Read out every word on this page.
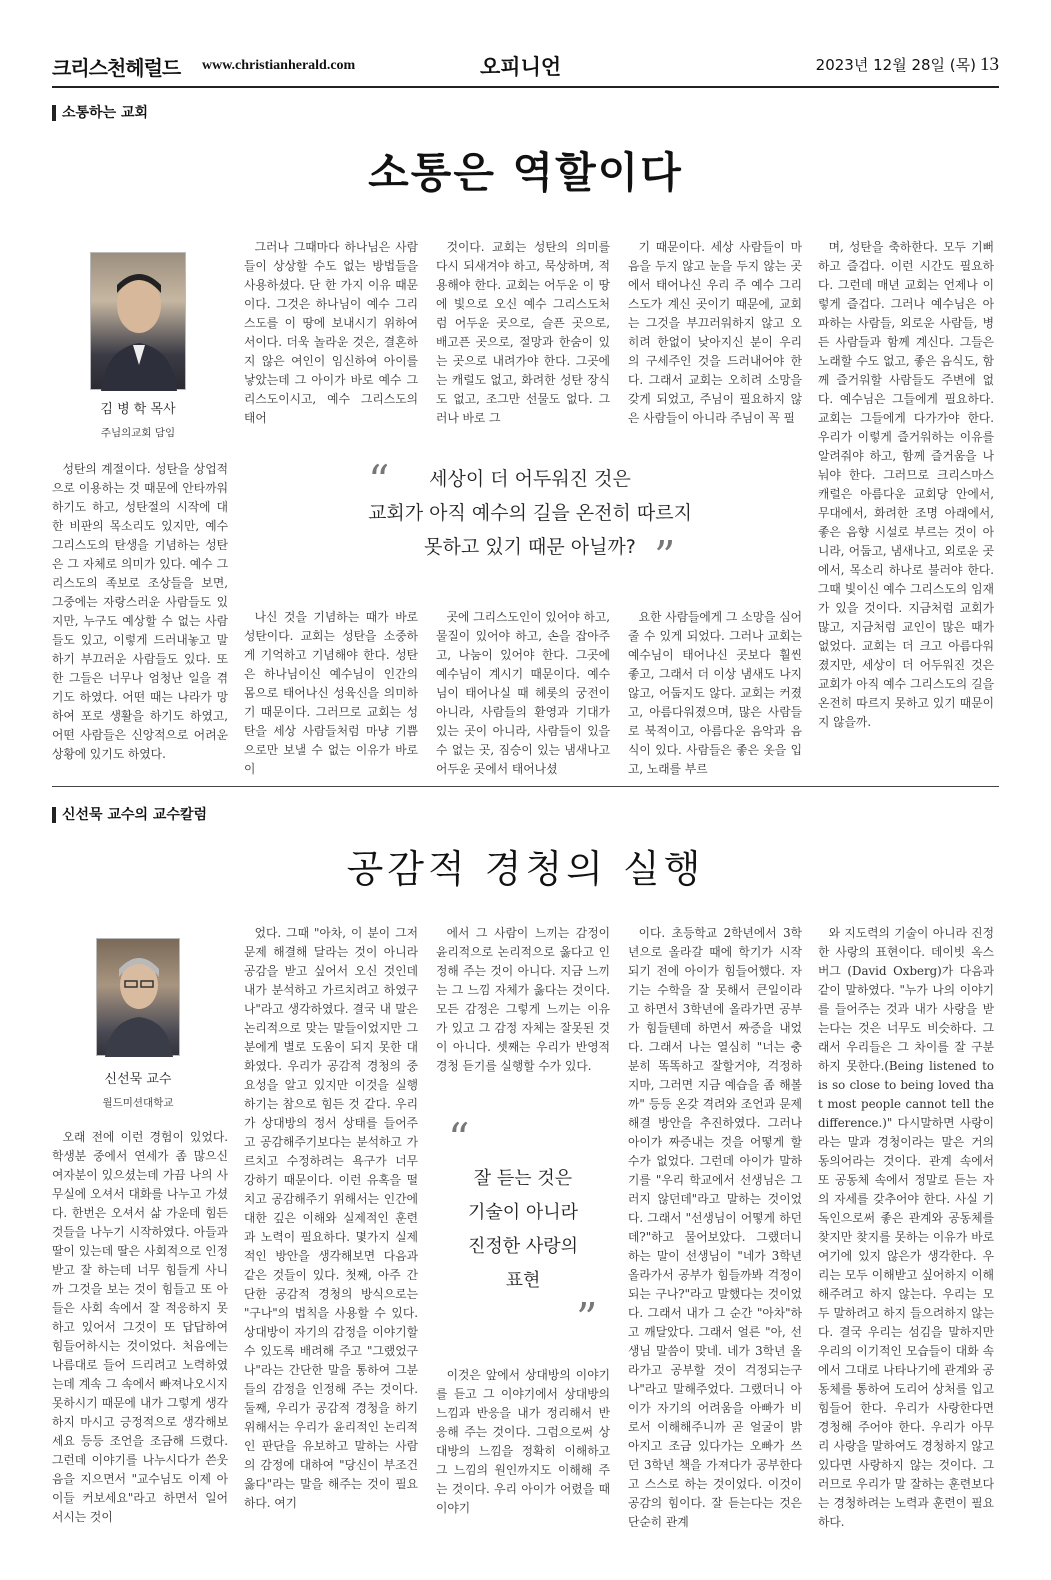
크리스천헤럴드 www.christianherald.com	오피니언	2023년 12월 28일 (목) 13
소통하는 교회
소통은 역할이다
김 병 학 목사
주님의교회 담임

성탄의 계절이다. 성탄을 상업적으로 이용하는 것 때문에 안타까워하기도 하고, 성탄절의 시작에 대한 비판의 목소리도 있지만, 예수 그리스도의 탄생을 기념하는 성탄은 그 자체로 의미가 있다. 예수 그리스도의 족보로 조상들을 보면, 그중에는 자랑스러운 사람들도 있지만, 누구도 예상할 수 없는 사람들도 있고, 이렇게 드러내놓고 말하기 부끄러운 사람들도 있다. 또한 그들은 너무나 엄청난 일을 겪기도 하였다. 어떤 때는 나라가 망하여 포로 생활을 하기도 하였고, 어떤 사람들은 신앙적으로 어려운 상황에 있기도 하였다.

그러나 그때마다 하나님은 사람들이 상상할 수도 없는 방법들을 사용하셨다. 단 한 가지 이유 때문이다. 그것은 하나님이 예수 그리스도를 이 땅에 보내시기 위하여서이다. 더욱 놀라운 것은, 결혼하지 않은 여인이 임신하여 아이를 낳았는데 그 아이가 바로 예수 그리스도이시고, 예수 그리스도의 태어

것이다. 교회는 성탄의 의미를 다시 되새겨야 하고, 묵상하며, 적용해야 한다. 교회는 어두운 이 땅에 빛으로 오신 예수 그리스도처럼 어두운 곳으로, 슬픈 곳으로, 배고픈 곳으로, 절망과 한숨이 있는 곳으로 내려가야 한다. 그곳에는 캐럴도 없고, 화려한 성탄 장식도 없고, 조그만 선물도 없다. 그러나 바로 그

기 때문이다. 세상 사람들이 마음을 두지 않고 눈을 두지 않는 곳에서 태어나신 우리 주 예수 그리스도가 계신 곳이기 때문에, 교회는 그것을 부끄러워하지 않고 오히려 한없이 낮아지신 분이 우리의 구세주인 것을 드러내어야 한다. 그래서 교회는 오히려 소망을 갖게 되었고, 주님이 필요하지 않은 사람들이 아니라 주님이 꼭 필

며, 성탄을 축하한다. 모두 기뻐하고 즐겁다. 이런 시간도 필요하다. 그런데 매년 교회는 언제나 이렇게 즐겁다. 그러나 예수님은 아파하는 사람들, 외로운 사람들, 병든 사람들과 함께 계신다. 그들은 노래할 수도 없고, 좋은 음식도, 함께 즐거워할 사람들도 주변에 없다. 예수님은 그들에게 필요하다. 교회는 그들에게 다가가야 한다. 우리가 이렇게 즐거워하는 이유를 알려줘야 하고, 함께 즐거움을 나눠야 한다. 그러므로 크리스마스 캐럴은 아름다운 교회당 안에서, 무대에서, 화려한 조명 아래에서, 좋은 음향 시설로 부르는 것이 아니라, 어둡고, 냄새나고, 외로운 곳에서, 목소리 하나로 불러야 한다. 그때 빛이신 예수 그리스도의 임재가 있을 것이다. 지금처럼 교회가 많고, 지금처럼 교인이 많은 때가 없었다. 교회는 더 크고 아름다워졌지만, 세상이 더 어두워진 것은 교회가 아직 예수 그리스도의 길을 온전히 따르지 못하고 있기 때문이지 않을까.

“	세상이 더 어두워진 것은
교회가 아직 예수의 길을 온전히 따르지
못하고 있기 때문 아닐까? ”

나신 것을 기념하는 때가 바로 성탄이다. 교회는 성탄을 소중하게 기억하고 기념해야 한다. 성탄은 하나님이신 예수님이 인간의 몸으로 태어나신 성육신을 의미하기 때문이다. 그러므로 교회는 성탄을 세상 사람들처럼 마냥 기쁨으로만 보낼 수 없는 이유가 바로 이

곳에 그리스도인이 있어야 하고, 물질이 있어야 하고, 손을 잡아주고, 나눔이 있어야 한다. 그곳에 예수님이 계시기 때문이다. 예수님이 태어나실 때 헤롯의 궁전이 아니라, 사람들의 환영과 기대가 있는 곳이 아니라, 사람들이 있을 수 없는 곳, 짐승이 있는 냄새나고 어두운 곳에서 태어나셨

요한 사람들에게 그 소망을 심어줄 수 있게 되었다. 그러나 교회는 예수님이 태어나신 곳보다 훨씬 좋고, 그래서 더 이상 냄새도 나지 않고, 어둡지도 않다. 교회는 커졌고, 아름다워졌으며, 많은 사람들로 북적이고, 아름다운 음악과 음식이 있다. 사람들은 좋은 옷을 입고, 노래를 부르

신선묵 교수의 교수칼럼
공감적 경청의 실행
신선묵 교수
월드미션대학교

오래 전에 이런 경험이 있었다. 학생분 중에서 연세가 좀 많으신 여자분이 있으셨는데 가끔 나의 사무실에 오셔서 대화를 나누고 가셨다. 한번은 오셔서 삶 가운데 힘든 것들을 나누기 시작하였다. 아들과 딸이 있는데 딸은 사회적으로 인정받고 잘 하는데 너무 힘들게 사니까 그것을 보는 것이 힘들고 또 아들은 사회 속에서 잘 적응하지 못하고 있어서 그것이 또 답답하여 힘들어하시는 것이었다. 처음에는 나름대로 들어 드리려고 노력하였는데 계속 그 속에서 빠져나오시지 못하시기 때문에 내가 그렇게 생각하지 마시고 긍정적으로 생각해보세요 등등 조언을 조금해 드렸다. 그런데 이야기를 나누시다가 쓴웃음을 지으면서 "교수님도 이제 아이들 커보세요"라고 하면서 일어서시는 것이

었다. 그때 "아차, 이 분이 그저 문제 해결해 달라는 것이 아니라 공감을 받고 싶어서 오신 것인데 내가 분석하고 가르치려고 하였구나"라고 생각하였다. 결국 내 말은 논리적으로 맞는 말들이었지만 그 분에게 별로 도움이 되지 못한 대화였다. 우리가 공감적 경청의 중요성을 알고 있지만 이것을 실행하기는 참으로 힘든 것 같다. 우리가 상대방의 정서 상태를 들어주고 공감해주기보다는 분석하고 가르치고 수정하려는 욕구가 너무 강하기 때문이다. 이런 유혹을 떨치고 공감해주기 위해서는 인간에 대한 깊은 이해와 실제적인 훈련과 노력이 필요하다. 몇가지 실제적인 방안을 생각해보면 다음과 같은 것들이 있다. 첫째, 아주 간단한 공감적 경청의 방식으로는 "구나"의 법칙을 사용할 수 있다. 상대방이 자기의 감정을 이야기할 수 있도록 배려해 주고 "그랬었구나"라는 간단한 말을 통하여 그분들의 감정을 인정해 주는 것이다. 둘째, 우리가 공감적 경청을 하기위해서는 우리가 윤리적인 논리적인 판단을 유보하고 말하는 사람의 감정에 대하여 "당신이 부조건 옳다"라는 말을 해주는 것이 필요하다. 여기

에서 그 사람이 느끼는 감정이 윤리적으로 논리적으로 옳다고 인정해 주는 것이 아니다. 지금 느끼는 그 느낌 자체가 옳다는 것이다. 모든 감정은 그렇게 느끼는 이유가 있고 그 감정 자체는 잘못된 것이 아니다. 셋째는 우리가 반영적 경청 듣기를 실행할 수가 있다.

“
잘 듣는 것은
기술이 아니라
진정한 사랑의
표현
”

이것은 앞에서 상대방의 이야기를 듣고 그 이야기에서 상대방의 느낌과 반응을 내가 정리해서 반응해 주는 것이다. 그럼으로써 상대방의 느낌을 정확히 이해하고 그 느낌의 원인까지도 이해해 주는 것이다. 우리 아이가 어렸을 때 이야기

이다. 초등학교 2학년에서 3학년으로 올라갈 때에 학기가 시작되기 전에 아이가 힘들어했다. 자기는 수학을 잘 못해서 큰일이라고 하면서 3학년에 올라가면 공부가 힘들텐데 하면서 짜증을 내었다. 그래서 나는 열심히 "너는 충분히 똑똑하고 잘할거야, 걱정하지마, 그러면 지금 예습을 좀 해볼까" 등등 온갖 격려와 조언과 문제해결 방안을 추진하였다. 그러나 아이가 짜증내는 것을 어떻게 할 수가 없었다. 그런데 아이가 말하기를 "우리 학교에서 선생님은 그러지 않던데"라고 말하는 것이었다. 그래서 "선생님이 어떻게 하던데?"하고 물어보았다. 그랬더니 하는 말이 선생님이 "네가 3학년 올라가서 공부가 힘들까봐 걱정이 되는 구나?"라고 말했다는 것이었다. 그래서 내가 그 순간 "아차"하고 깨달았다. 그래서 얼른 "아, 선생님 말씀이 맞네. 네가 3학년 올라가고 공부할 것이 걱정되는구나"라고 말해주었다. 그랬더니 아이가 자기의 어려움을 아빠가 비로서 이해해주니까 곧 얼굴이 밝아지고 조금 있다가는 오빠가 쓰던 3학년 책을 가져다가 공부한다고 스스로 하는 것이었다. 이것이 공감의 힘이다. 잘 듣는다는 것은 단순히 관계

와 지도력의 기술이 아니라 진정한 사랑의 표현이다. 데이빗 옥스버그 (David Oxberg)가 다음과 같이 말하였다. "누가 나의 이야기를 들어주는 것과 내가 사랑을 받는다는 것은 너무도 비슷하다. 그래서 우리들은 그 차이를 잘 구분하지 못한다.(Being listened to is so close to being loved that most people cannot tell the difference.)" 다시말하면 사랑이라는 말과 경청이라는 말은 거의 동의어라는 것이다. 관계 속에서 또 공동체 속에서 정말로 듣는 자의 자세를 갖추어야 한다. 사실 기독인으로써 좋은 관계와 공동체를 찾지만 찾지를 못하는 이유가 바로 여기에 있지 않은가 생각한다. 우리는 모두 이해받고 싶어하지 이해해주려고 하지 않는다. 우리는 모두 말하려고 하지 들으려하지 않는다. 결국 우리는 섬김을 말하지만 우리의 이기적인 모습들이 대화 속에서 그대로 나타나기에 관계와 공동체를 통하여 도리어 상처를 입고 힘들어 한다. 우리가 사랑한다면 경청해 주어야 한다. 우리가 아무리 사랑을 말하여도 경청하지 않고 있다면 사랑하지 않는 것이다. 그러므로 우리가 말 잘하는 훈련보다는 경청하려는 노력과 훈련이 필요하다.
